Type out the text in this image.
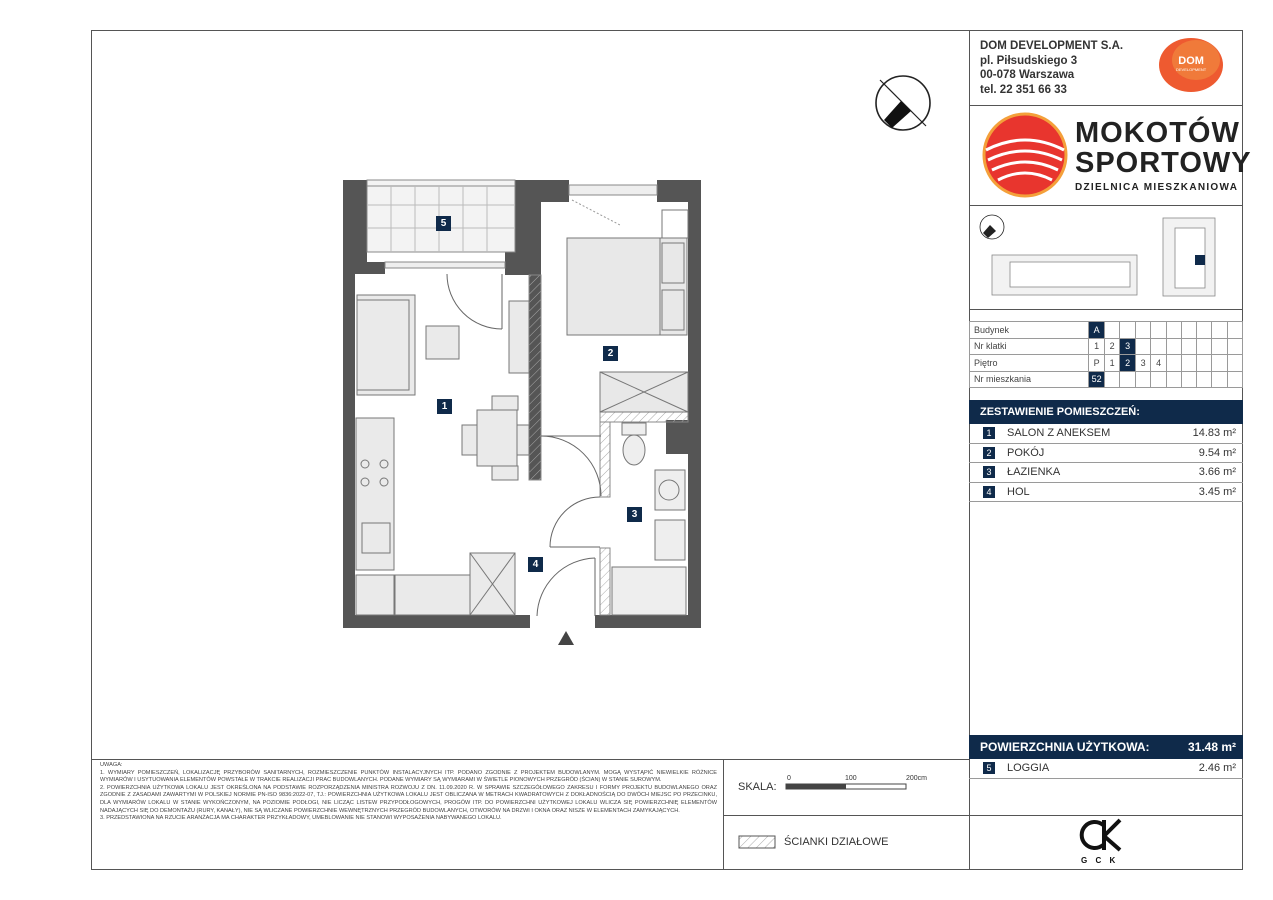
5
2
1
3
4
DOM DEVELOPMENT S.A.
pl. Piłsudskiego 3
00-078 Warszawa
tel. 22 351 66 33
DOM
DEVELOPMENT
MOKOTÓW
SPORTOWY
DZIELNICA MIESZKANIOWA
Budynek	A									
Nr klatki	1	2	3							
Piętro	P	1	2	3	4					
Nr mieszkania	52									
ZESTAWIENIE POMIESZCZEŃ:
1	SALON Z ANEKSEM	14.83 m²
2	POKÓJ	9.54 m²
3	ŁAZIENKA	3.66 m²
4	HOL	3.45 m²
POWIERZCHNIA UŻYTKOWA:	31.48 m²
5	LOGGIA	2.46 m²
G C K
SKALA:
0	100	200cm
ŚCIANKI DZIAŁOWE
UWAGA:
1. WYMIARY POMIESZCZEŃ, LOKALIZACJĘ PRZYBORÓW SANITARNYCH, ROZMIESZCZENIE PUNKTÓW INSTALACYJNYCH ITP. PODANO ZGODNIE Z PROJEKTEM BUDOWLANYM. MOGĄ WYSTĄPIĆ NIEWIELKIE RÓŻNICE WYMIARÓW I USYTUOWANIA ELEMENTÓW POWSTAŁE W TRAKCIE REALIZACJI PRAC BUDOWLANYCH. PODANE WYMIARY SĄ WYMIARAMI W ŚWIETLE PIONOWYCH PRZEGRÓD (ŚCIAN) W STANIE SUROWYM.
2. POWIERZCHNIA UŻYTKOWA LOKALU JEST OKREŚLONA NA PODSTAWIE ROZPORZĄDZENIA MINISTRA ROZWOJU Z DN. 11.09.2020 R. W SPRAWIE SZCZEGÓŁOWEGO ZAKRESU I FORMY PROJEKTU BUDOWLANEGO ORAZ ZGODNIE Z ZASADAMI ZAWARTYMI W POLSKIEJ NORMIE PN-ISO 9836:2022-07, TJ.: POWIERZCHNIA UŻYTKOWA LOKALU JEST OBLICZANA W METRACH KWADRATOWYCH Z DOKŁADNOŚCIĄ DO DWÓCH MIEJSC PO PRZECINKU, DLA WYMIARÓW LOKALU W STANIE WYKOŃCZONYM, NA POZIOMIE PODŁOGI, NIE LICZĄC LISTEW PRZYPODŁOGOWYCH, PROGÓW ITP. DO POWIERZCHNI UŻYTKOWEJ LOKALU WLICZA SIĘ POWIERZCHNIĘ ELEMENTÓW NADAJĄCYCH SIĘ DO DEMONTAŻU (RURY, KANAŁY), NIE SĄ WLICZANE POWIERZCHNIE WEWNĘTRZNYCH PRZEGRÓD BUDOWLANYCH, OTWORÓW NA DRZWI I OKNA ORAZ NISZE W ELEMENTACH ZAMYKAJĄCYCH.
3. PRZEDSTAWIONA NA RZUCIE ARANŻACJA MA CHARAKTER PRZYKŁADOWY, UMEBLOWANIE NIE STANOWI WYPOSAŻENIA NABYWANEGO LOKALU.
